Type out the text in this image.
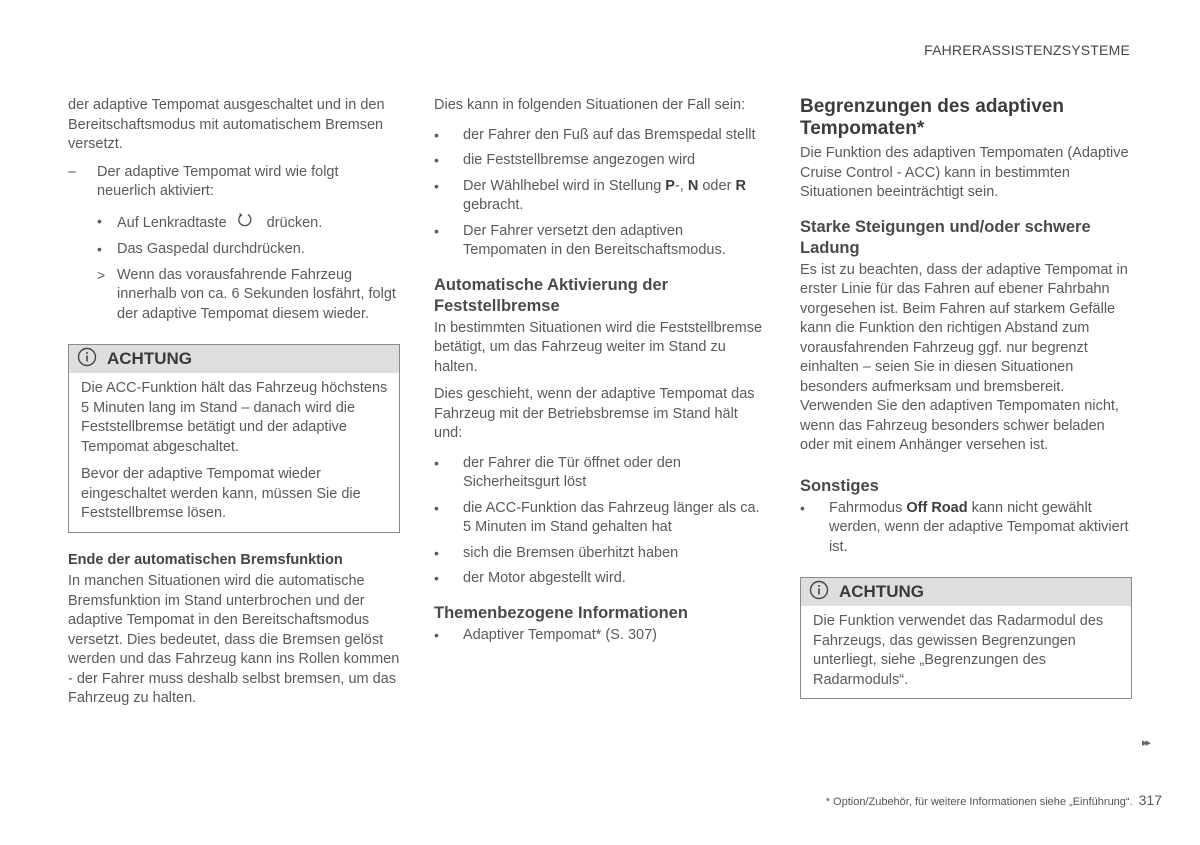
FAHRERASSISTENZSYSTEME

der adaptive Tempomat ausgeschaltet und in den Bereitschaftsmodus mit automatischem Bremsen versetzt.

–	Der adaptive Tempomat wird wie folgt neuerlich aktiviert:
•	Auf Lenkradtaste	drücken.
•	Das Gaspedal durchdrücken.
> Wenn das vorausfahrende Fahrzeug innerhalb von ca. 6 Sekunden losfährt, folgt der adaptive Tempomat diesem wieder.
ACHTUNG

Die ACC-Funktion hält das Fahrzeug höchstens 5 Minuten lang im Stand – danach wird die Feststellbremse betätigt und der adaptive Tempomat abgeschaltet.

Bevor der adaptive Tempomat wieder eingeschaltet werden kann, müssen Sie die Feststellbremse lösen.

Ende der automatischen Bremsfunktion

In manchen Situationen wird die automatische Bremsfunktion im Stand unterbrochen und der adaptive Tempomat in den Bereitschaftsmodus versetzt. Dies bedeutet, dass die Bremsen gelöst werden und das Fahrzeug kann ins Rollen kommen - der Fahrer muss deshalb selbst bremsen, um das Fahrzeug zu halten.

Dies kann in folgenden Situationen der Fall sein:

•	der Fahrer den Fuß auf das Bremspedal stellt
•	die Feststellbremse angezogen wird
•	Der Wählhebel wird in Stellung P-, N oder R
gebracht.
•	Der Fahrer versetzt den adaptiven Tempomaten in den Bereitschaftsmodus.
Automatische Aktivierung der Feststellbremse

In bestimmten Situationen wird die Feststellbremse betätigt, um das Fahrzeug weiter im Stand zu halten.

Dies geschieht, wenn der adaptive Tempomat das Fahrzeug mit der Betriebsbremse im Stand hält und:

•	der Fahrer die Tür öffnet oder den Sicherheitsgurt löst
•	die ACC-Funktion das Fahrzeug länger als ca. 5 Minuten im Stand gehalten hat
•	sich die Bremsen überhitzt haben
•	der Motor abgestellt wird.
Themenbezogene Informationen
•	Adaptiver Tempomat* (S. 307)
Begrenzungen des adaptiven Tempomaten*

Die Funktion des adaptiven Tempomaten (Adaptive Cruise Control - ACC) kann in bestimmten Situationen beeinträchtigt sein.

Starke Steigungen und/oder schwere Ladung

Es ist zu beachten, dass der adaptive Tempomat in erster Linie für das Fahren auf ebener Fahrbahn vorgesehen ist. Beim Fahren auf starkem Gefälle kann die Funktion den richtigen Abstand zum vorausfahrenden Fahrzeug ggf. nur begrenzt einhalten – seien Sie in diesen Situationen besonders aufmerksam und bremsbereit. Verwenden Sie den adaptiven Tempomaten nicht, wenn das Fahrzeug besonders schwer beladen oder mit einem Anhänger versehen ist.

Sonstiges
•	Fahrmodus Off Road kann nicht gewählt werden, wenn der adaptive Tempomat aktiviert ist.
ACHTUNG

Die Funktion verwendet das Radarmodul des Fahrzeugs, das gewissen Begrenzungen unterliegt, siehe „Begrenzungen des Radarmoduls“.

▸▸
* Option/Zubehör, für weitere Informationen siehe „Einführung“. 317
